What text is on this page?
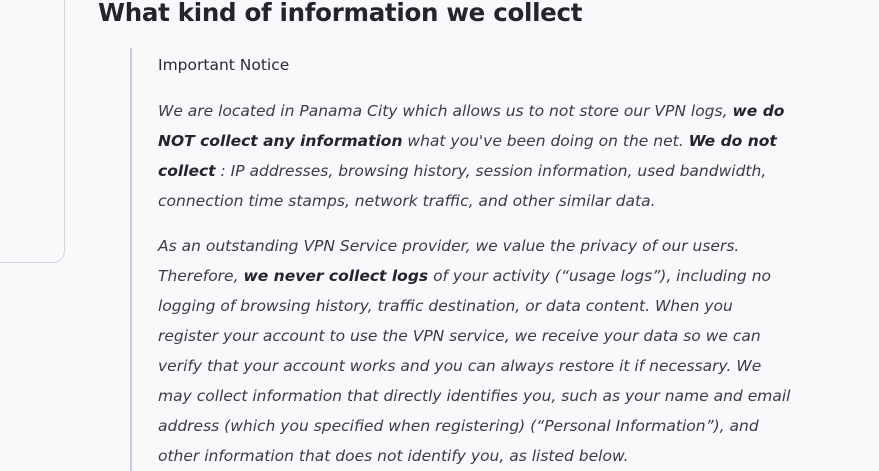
What kind of information we collect

Important Notice

We are located in Panama City which allows us to not store our VPN logs, we do
NOT collect any information what you've been doing on the net. We do not
collect : IP addresses, browsing history, session information, used bandwidth,
connection time stamps, network traffic, and other similar data.

As an outstanding VPN Service provider, we value the privacy of our users.
Therefore, we never collect logs of your activity (“usage logs”), including no
logging of browsing history, traffic destination, or data content. When you
register your account to use the VPN service, we receive your data so we can
verify that your account works and you can always restore it if necessary. We
may collect information that directly identifies you, such as your name and email
address (which you specified when registering) (“Personal Information”), and
other information that does not identify you, as listed below.
